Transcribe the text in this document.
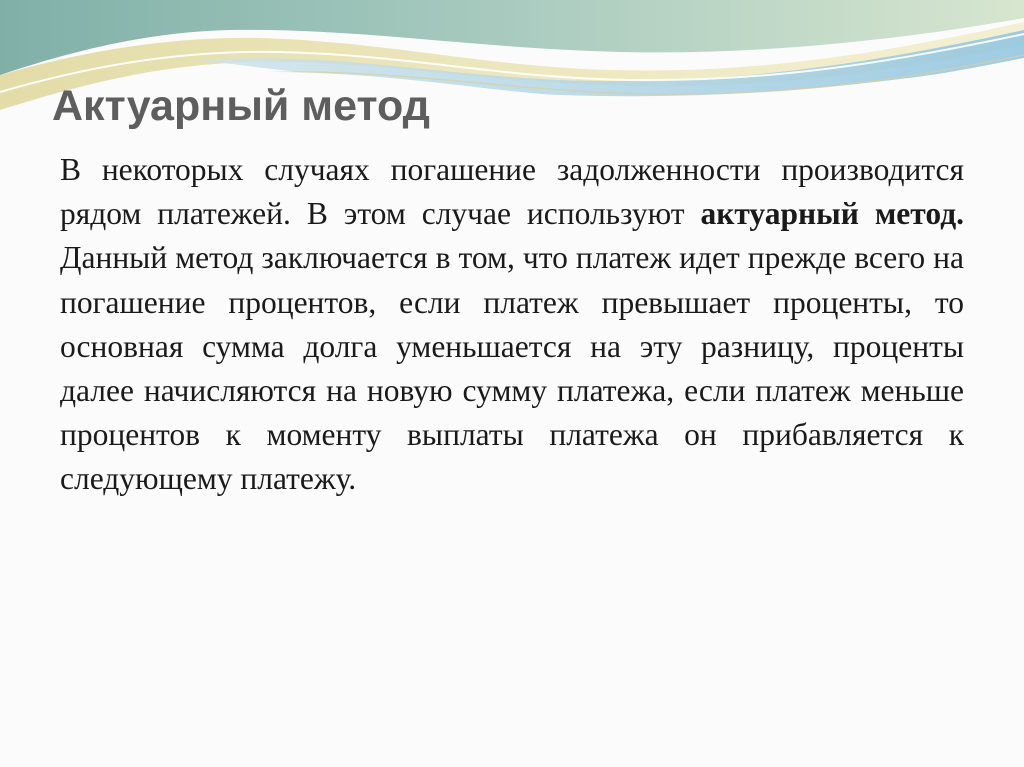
Актуарный метод

В некоторых случаях погашение задолженности производится рядом платежей. В этом случае используют актуарный метод. Данный метод заключается в том, что платеж идет прежде всего на погашение процентов, если платеж превышает проценты, то основная сумма долга уменьшается на эту разницу, проценты далее начисляются на новую сумму платежа, если платеж меньше процентов к моменту выплаты платежа он прибавляется к следующему платежу.
